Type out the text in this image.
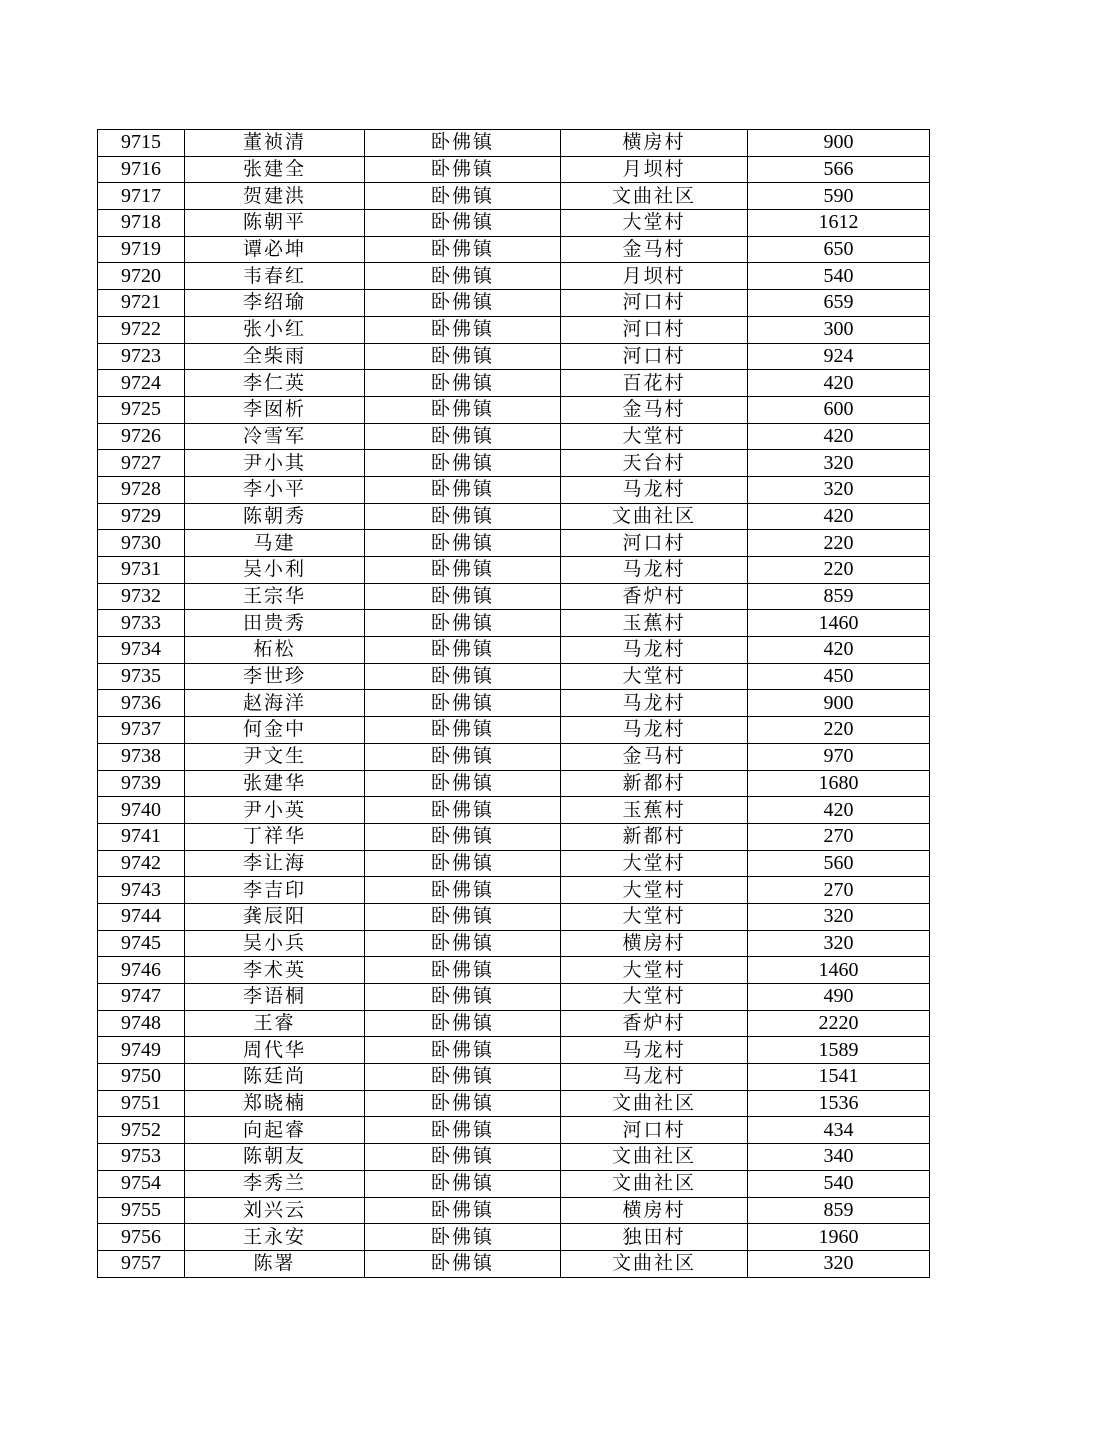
9715	董祯清	卧佛镇	横房村	900
9716	张建全	卧佛镇	月坝村	566
9717	贺建洪	卧佛镇	文曲社区	590
9718	陈朝平	卧佛镇	大堂村	1612
9719	谭必坤	卧佛镇	金马村	650
9720	韦春红	卧佛镇	月坝村	540
9721	李绍瑜	卧佛镇	河口村	659
9722	张小红	卧佛镇	河口村	300
9723	全柴雨	卧佛镇	河口村	924
9724	李仁英	卧佛镇	百花村	420
9725	李囡析	卧佛镇	金马村	600
9726	冷雪军	卧佛镇	大堂村	420
9727	尹小其	卧佛镇	天台村	320
9728	李小平	卧佛镇	马龙村	320
9729	陈朝秀	卧佛镇	文曲社区	420
9730	马建	卧佛镇	河口村	220
9731	吴小利	卧佛镇	马龙村	220
9732	王宗华	卧佛镇	香炉村	859
9733	田贵秀	卧佛镇	玉蕉村	1460
9734	柘松	卧佛镇	马龙村	420
9735	李世珍	卧佛镇	大堂村	450
9736	赵海洋	卧佛镇	马龙村	900
9737	何金中	卧佛镇	马龙村	220
9738	尹文生	卧佛镇	金马村	970
9739	张建华	卧佛镇	新都村	1680
9740	尹小英	卧佛镇	玉蕉村	420
9741	丁祥华	卧佛镇	新都村	270
9742	李让海	卧佛镇	大堂村	560
9743	李吉印	卧佛镇	大堂村	270
9744	龚辰阳	卧佛镇	大堂村	320
9745	吴小兵	卧佛镇	横房村	320
9746	李术英	卧佛镇	大堂村	1460
9747	李语桐	卧佛镇	大堂村	490
9748	王睿	卧佛镇	香炉村	2220
9749	周代华	卧佛镇	马龙村	1589
9750	陈廷尚	卧佛镇	马龙村	1541
9751	郑晓楠	卧佛镇	文曲社区	1536
9752	向起睿	卧佛镇	河口村	434
9753	陈朝友	卧佛镇	文曲社区	340
9754	李秀兰	卧佛镇	文曲社区	540
9755	刘兴云	卧佛镇	横房村	859
9756	王永安	卧佛镇	独田村	1960
9757	陈署	卧佛镇	文曲社区	320
